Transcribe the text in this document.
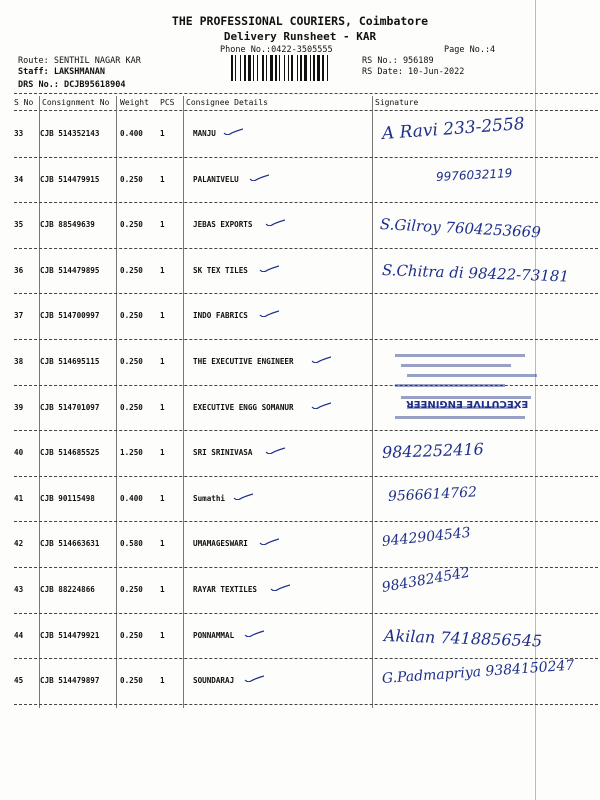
THE PROFESSIONAL COURIERS, Coimbatore
Delivery Runsheet - KAR
Phone No.:0422-3505555	Page No.:4
Route: SENTHIL NAGAR KAR
Staff: LAKSHMANAN
DRS No.: DCJB95618904
RS No.: 956189
RS Date: 10-Jun-2022
S No Consignment No Weight PCS Consignee Details	Signature
33 CJB 514352143	0.400 1	MANJU	A Ravi 233-2558
34 CJB 514479915	0.250 1	PALANIVELU	9976032119
35 CJB 88549639	0.250 1	JEBAS EXPORTS	S.Gilroy 7604253669
36 CJB 514479895	0.250 1	SK TEX TILES	S.Chitra di 98422-73181
37 CJB 514700997	0.250 1	INDO FABRICS
38 CJB 514695115	0.250 1	THE EXECUTIVE ENGINEER
39 CJB 514701097	0.250 1	EXECUTIVE ENGG SOMANUR	EXECUTIVE ENGINEER
40 CJB 514685525	1.250 1	SRI SRINIVASA	9842252416
41 CJB 90115498	0.400 1	Sumathi	9566614762
42 CJB 514663631	0.580 1	UMAMAGESWARI	9442904543
43 CJB 88224866	0.250 1	RAYAR TEXTILES	9843824542
44 CJB 514479921	0.250 1	PONNAMMAL	Akilan 7418856545
45 CJB 514479897	0.250 1	SOUNDARAJ	G.Padmapriya 9384150247
